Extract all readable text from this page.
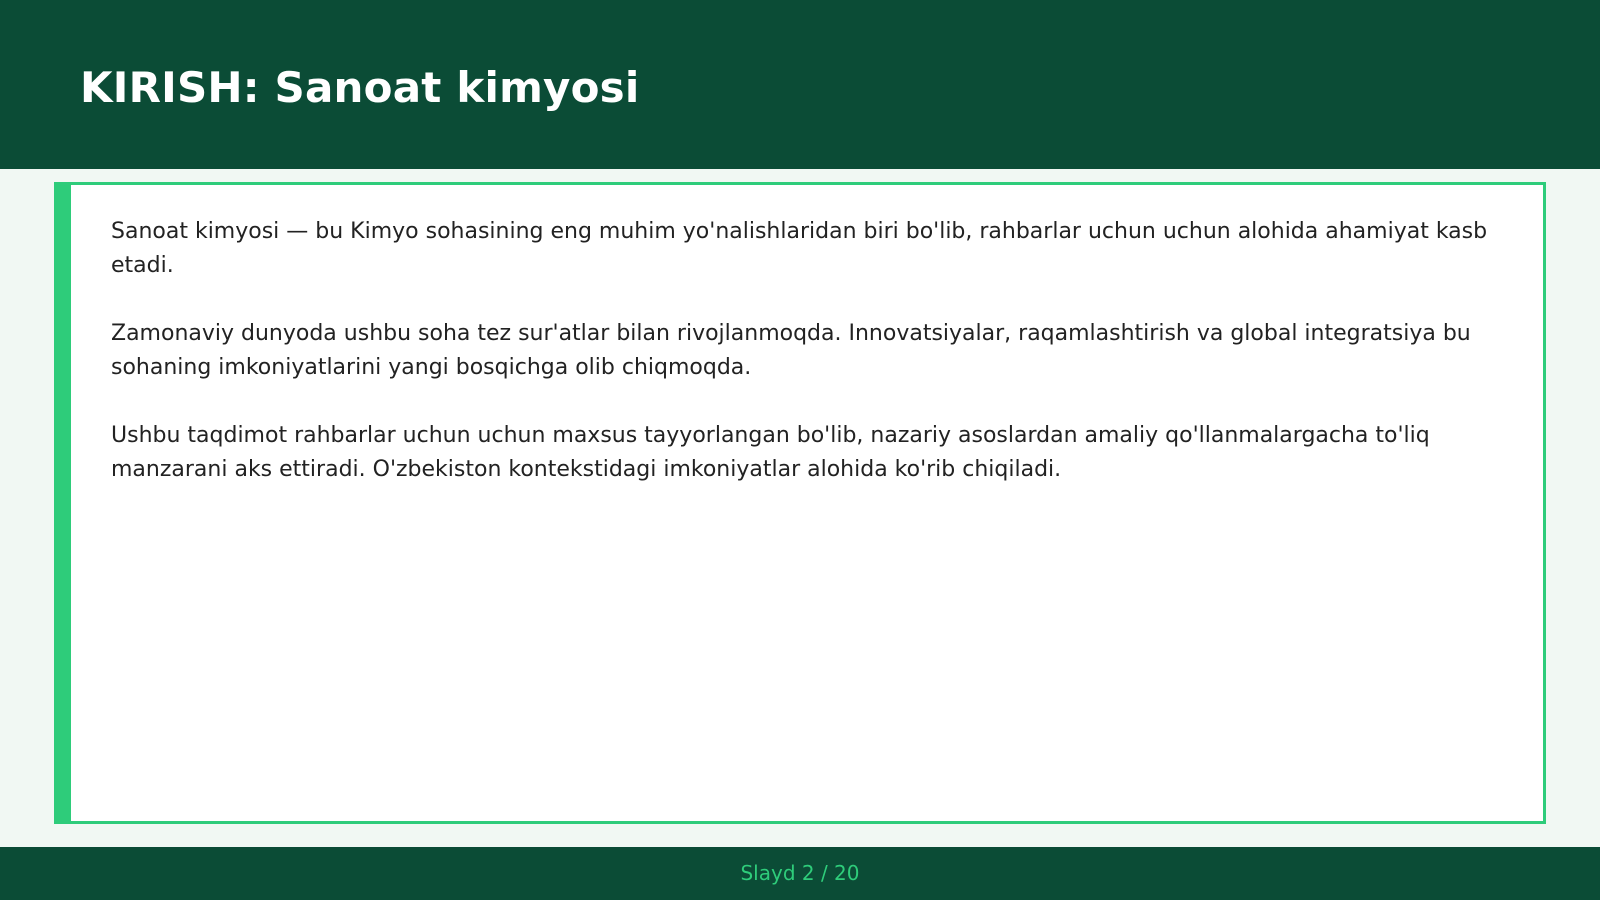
KIRISH: Sanoat kimyosi

Sanoat kimyosi — bu Kimyo sohasining eng muhim yo'nalishlaridan biri bo'lib, rahbarlar uchun uchun alohida ahamiyat kasb etadi.

Zamonaviy dunyoda ushbu soha tez sur'atlar bilan rivojlanmoqda. Innovatsiyalar, raqamlashtirish va global integratsiya bu sohaning imkoniyatlarini yangi bosqichga olib chiqmoqda.

Ushbu taqdimot rahbarlar uchun uchun maxsus tayyorlangan bo'lib, nazariy asoslardan amaliy qo'llanmalargacha to'liq manzarani aks ettiradi. O'zbekiston kontekstidagi imkoniyatlar alohida ko'rib chiqiladi.

Slayd 2 / 20
